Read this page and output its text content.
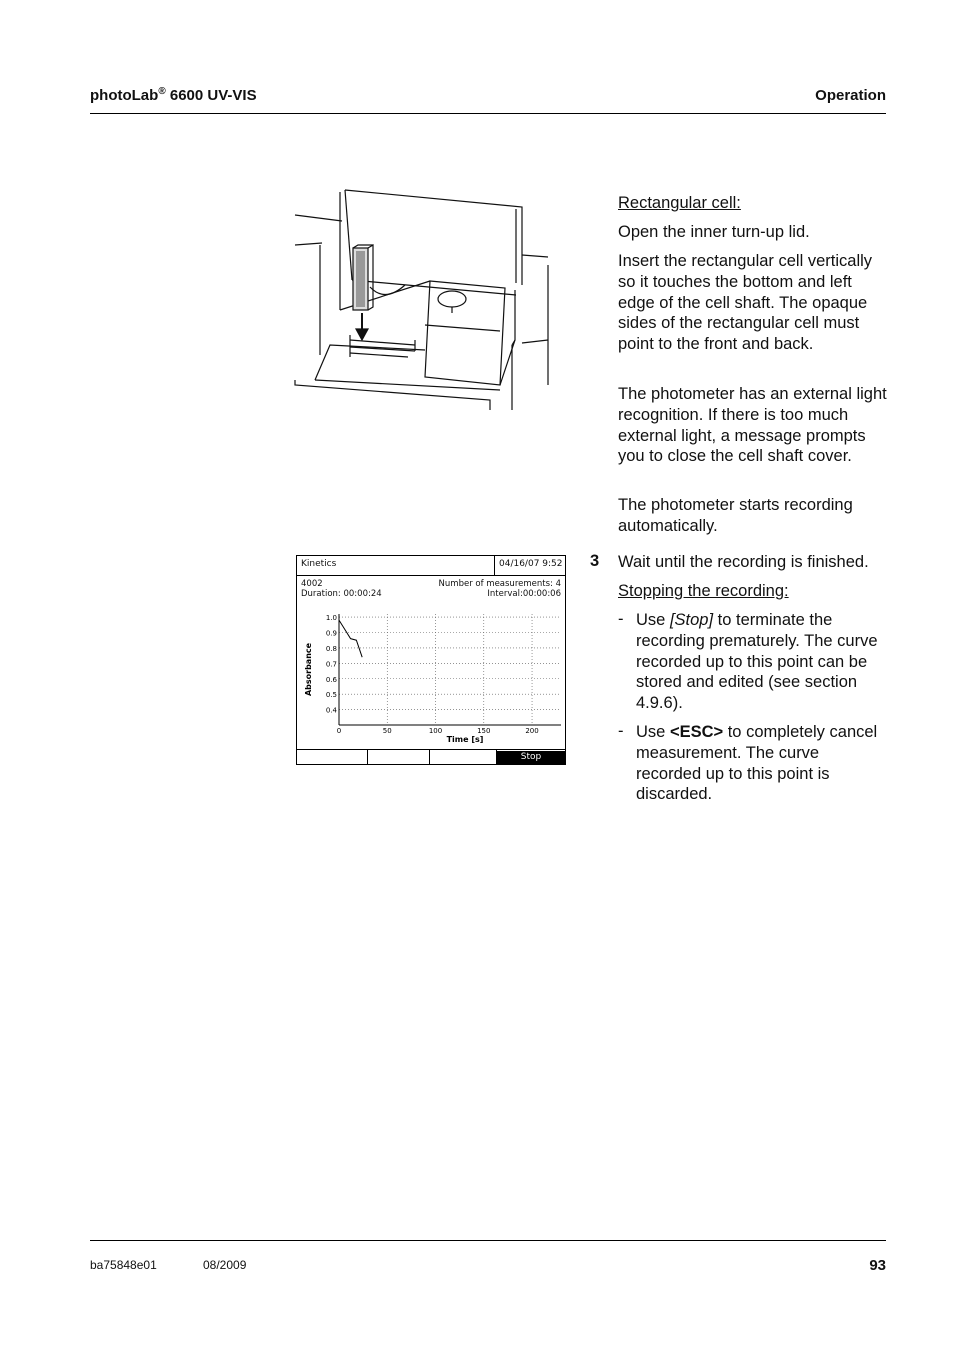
photoLab® 6600 UV-VIS	Operation
Rectangular cell:
Open the inner turn-up lid.
Insert the rectangular cell vertically so it touches the bottom and left edge of the cell shaft. The opaque sides of the rectangular cell must point to the front and back.
The photometer has an external light recognition. If there is too much external light, a message prompts you to close the cell shaft cover.
The photometer starts recording automatically.
3 Wait until the recording is finished.
Stopping the recording:
- Use [Stop] to terminate the recording prematurely. The curve recorded up to this point can be stored and edited (see section 4.9.6).
- Use <ESC> to completely cancel measurement. The curve recorded up to this point is discarded.
Kinetics	04/16/07 9:52
4002
Duration: 00:00:24
Number of measurements: 4
Interval:00:00:06
1.0
0.9
0.8
0.7
0.6
0.5
0.4
0	50	100	150	200
Time [s]
Absorbance
Stop
ba75848e01	08/2009	93
